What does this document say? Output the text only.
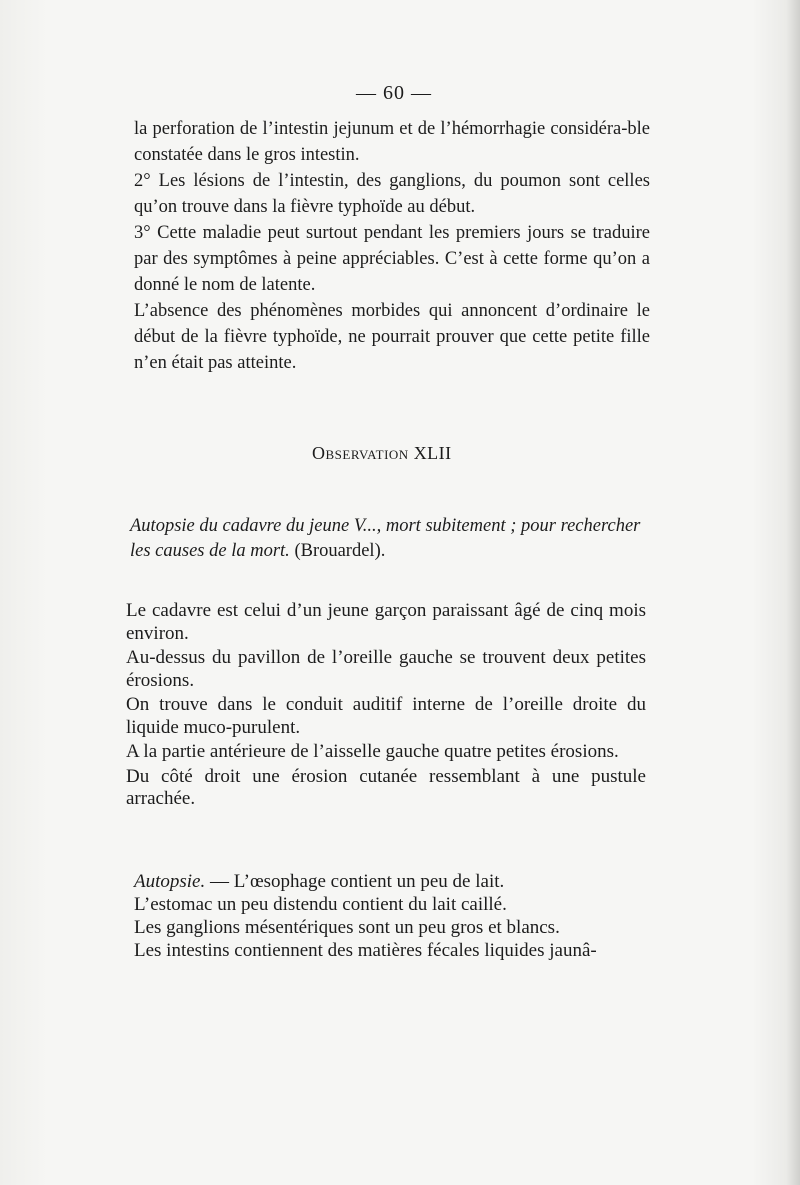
— 60 —

la perforation de l’intestin jejunum et de l’hémorrhagie considéra-ble constatée dans le gros intestin.

2° Les lésions de l’intestin, des ganglions, du poumon sont celles qu’on trouve dans la fièvre typhoïde au début.

3° Cette maladie peut surtout pendant les premiers jours se traduire par des symptômes à peine appréciables. C’est à cette forme qu’on a donné le nom de latente.

L’absence des phénomènes morbides qui annoncent d’ordinaire le début de la fièvre typhoïde, ne pourrait prouver que cette petite fille n’en était pas atteinte.

Observation XLII
Autopsie du cadavre du jeune V..., mort subitement ; pour rechercher les causes de la mort. (Brouardel).

Le cadavre est celui d’un jeune garçon paraissant âgé de cinq mois environ.

Au-dessus du pavillon de l’oreille gauche se trouvent deux petites érosions.

On trouve dans le conduit auditif interne de l’oreille droite du liquide muco-purulent.

A la partie antérieure de l’aisselle gauche quatre petites érosions.

Du côté droit une érosion cutanée ressemblant à une pustule arrachée.

Autopsie. — L’œsophage contient un peu de lait.

L’estomac un peu distendu contient du lait caillé.

Les ganglions mésentériques sont un peu gros et blancs.

Les intestins contiennent des matières fécales liquides jaunâ-
